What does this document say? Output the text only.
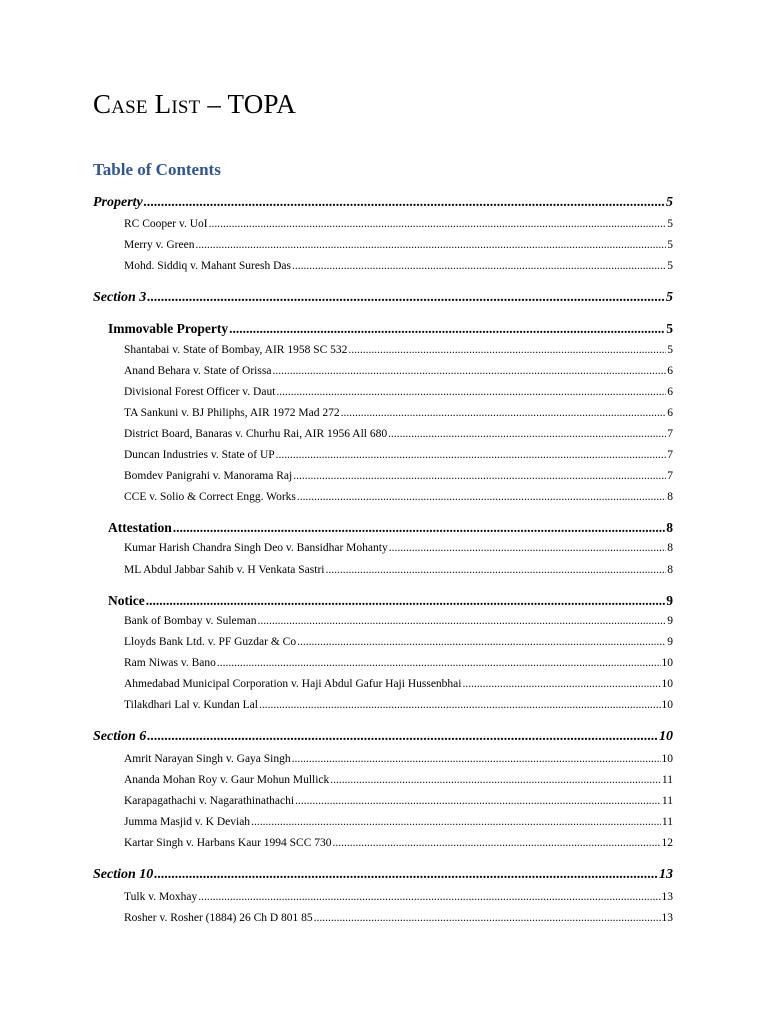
Case List – TOPA
Table of Contents
Property .....	5
RC Cooper v. UoI .....	5
Merry v. Green .....	5
Mohd. Siddiq v. Mahant Suresh Das .....	5
Section 3 .....	5
Immovable Property .....	5
Shantabai v. State of Bombay, AIR 1958 SC 532 .....	5
Anand Behara v. State of Orissa .....	6
Divisional Forest Officer v. Daut .....	6
TA Sankuni v. BJ Philiphs, AIR 1972 Mad 272 .....	6
District Board, Banaras v. Churhu Rai, AIR 1956 All 680 .....	7
Duncan Industries v. State of UP .....	7
Bomdev Panigrahi v. Manorama Raj .....	7
CCE v. Solio & Correct Engg. Works .....	8
Attestation .....	8
Kumar Harish Chandra Singh Deo v. Bansidhar Mohanty .....	8
ML Abdul Jabbar Sahib v. H Venkata Sastri .....	8
Notice .....	9
Bank of Bombay v. Suleman .....	9
Lloyds Bank Ltd. v. PF Guzdar & Co .....	9
Ram Niwas v. Bano .....	10
Ahmedabad Municipal Corporation v. Haji Abdul Gafur Haji Hussenbhai .....	10
Tilakdhari Lal v. Kundan Lal .....	10
Section 6 .....	10
Amrit Narayan Singh v. Gaya Singh .....	10
Ananda Mohan Roy v. Gaur Mohun Mullick .....	11
Karapagathachi v. Nagarathinathachi .....	11
Jumma Masjid v. K Deviah .....	11
Kartar Singh v. Harbans Kaur 1994 SCC 730 .....	12
Section 10 .....	13
Tulk v. Moxhay .....	13
Rosher v. Rosher (1884) 26 Ch D 801 85 .....	13
